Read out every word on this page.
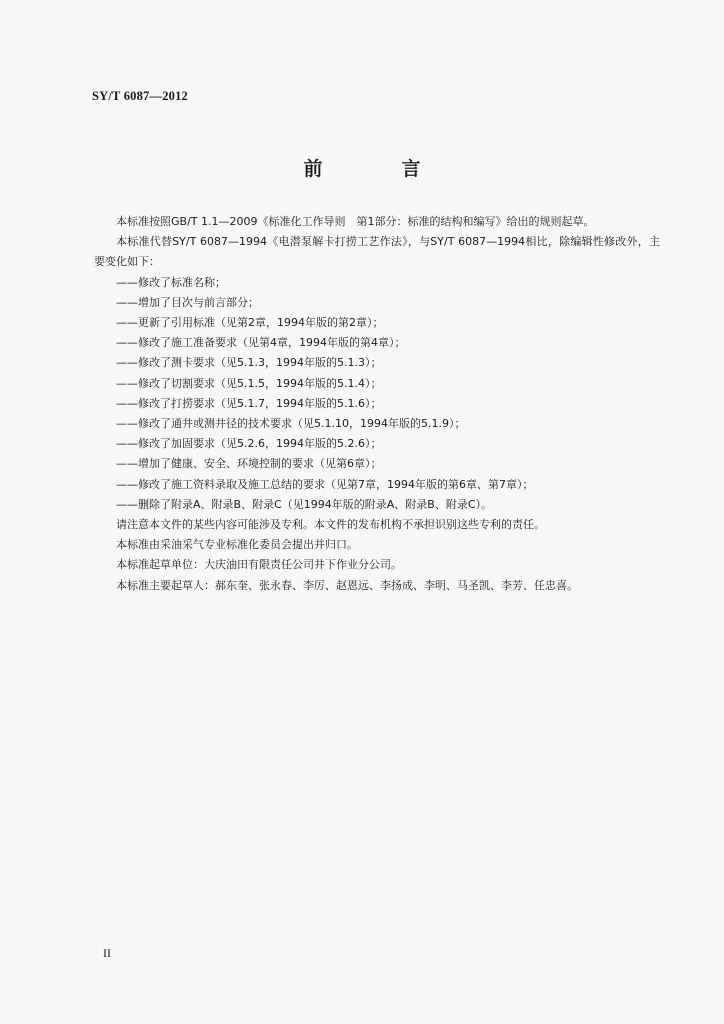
SY/T 6087—2012
前　言

本标准按照GB/T 1.1—2009《标准化工作导则　第1部分：标准的结构和编写》给出的规则起草。

本标准代替SY/T 6087—1994《电潜泵解卡打捞工艺作法》，与SY/T 6087—1994相比，除编辑性修改外，主要变化如下：

——修改了标准名称；
——增加了目次与前言部分；
——更新了引用标准（见第2章，1994年版的第2章）；
——修改了施工准备要求（见第4章，1994年版的第4章）；
——修改了测卡要求（见5.1.3，1994年版的5.1.3）；
——修改了切割要求（见5.1.5，1994年版的5.1.4）；
——修改了打捞要求（见5.1.7，1994年版的5.1.6）；
——修改了通井或测井径的技术要求（见5.1.10，1994年版的5.1.9）；
——修改了加固要求（见5.2.6，1994年版的5.2.6）；
——增加了健康、安全、环境控制的要求（见第6章）；
——修改了施工资料录取及施工总结的要求（见第7章，1994年版的第6章、第7章）；
——删除了附录A、附录B、附录C（见1994年版的附录A、附录B、附录C）。

请注意本文件的某些内容可能涉及专利。本文件的发布机构不承担识别这些专利的责任。

本标准由采油采气专业标准化委员会提出并归口。

本标准起草单位：大庆油田有限责任公司井下作业分公司。

本标准主要起草人：郝东奎、张永春、李厉、赵恩远、李扬成、李明、马圣凯、李芳、任忠喜。

II
